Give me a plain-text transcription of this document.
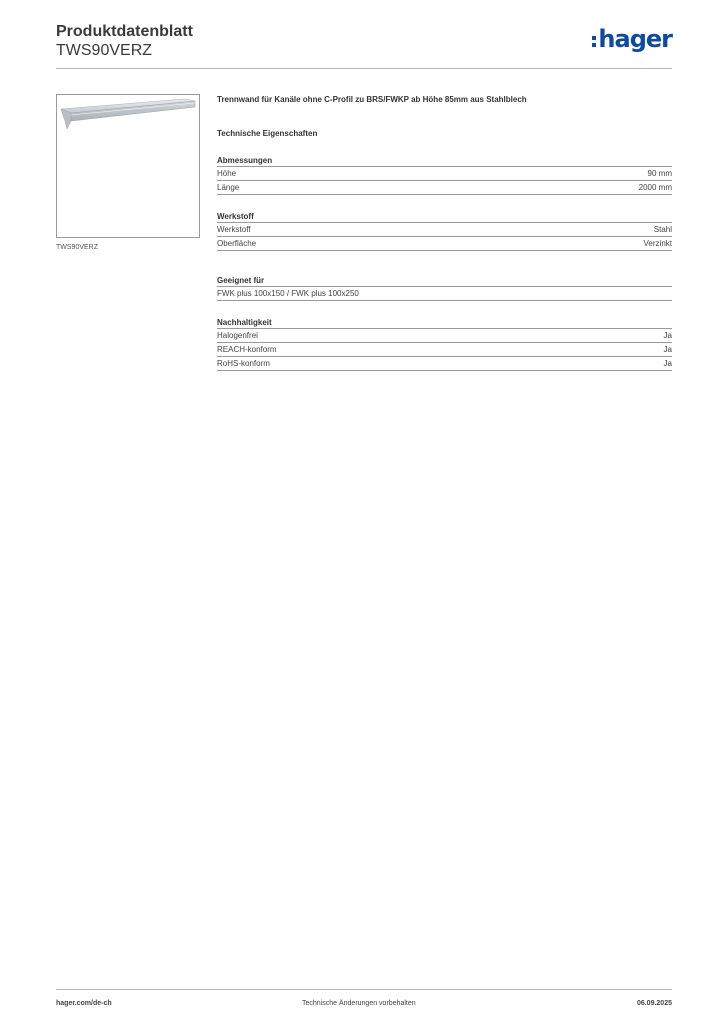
Produktdatenblatt
TWS90VERZ	hager
TWS90VERZ
Trennwand für Kanäle ohne C-Profil zu BRS/FWKP ab Höhe 85mm aus Stahlblech
Technische Eigenschaften
Abmessungen
Höhe	90 mm
Länge	2000 mm
Werkstoff
Werkstoff	Stahl
Oberfläche	Verzinkt
Geeignet für
FWK plus 100x150 / FWK plus 100x250
Nachhaltigkeit
Halogenfrei	Ja
REACH-konform	Ja
RoHS-konform	Ja
hager.com/de-ch	Technische Änderungen vorbehalten	06.09.2025
